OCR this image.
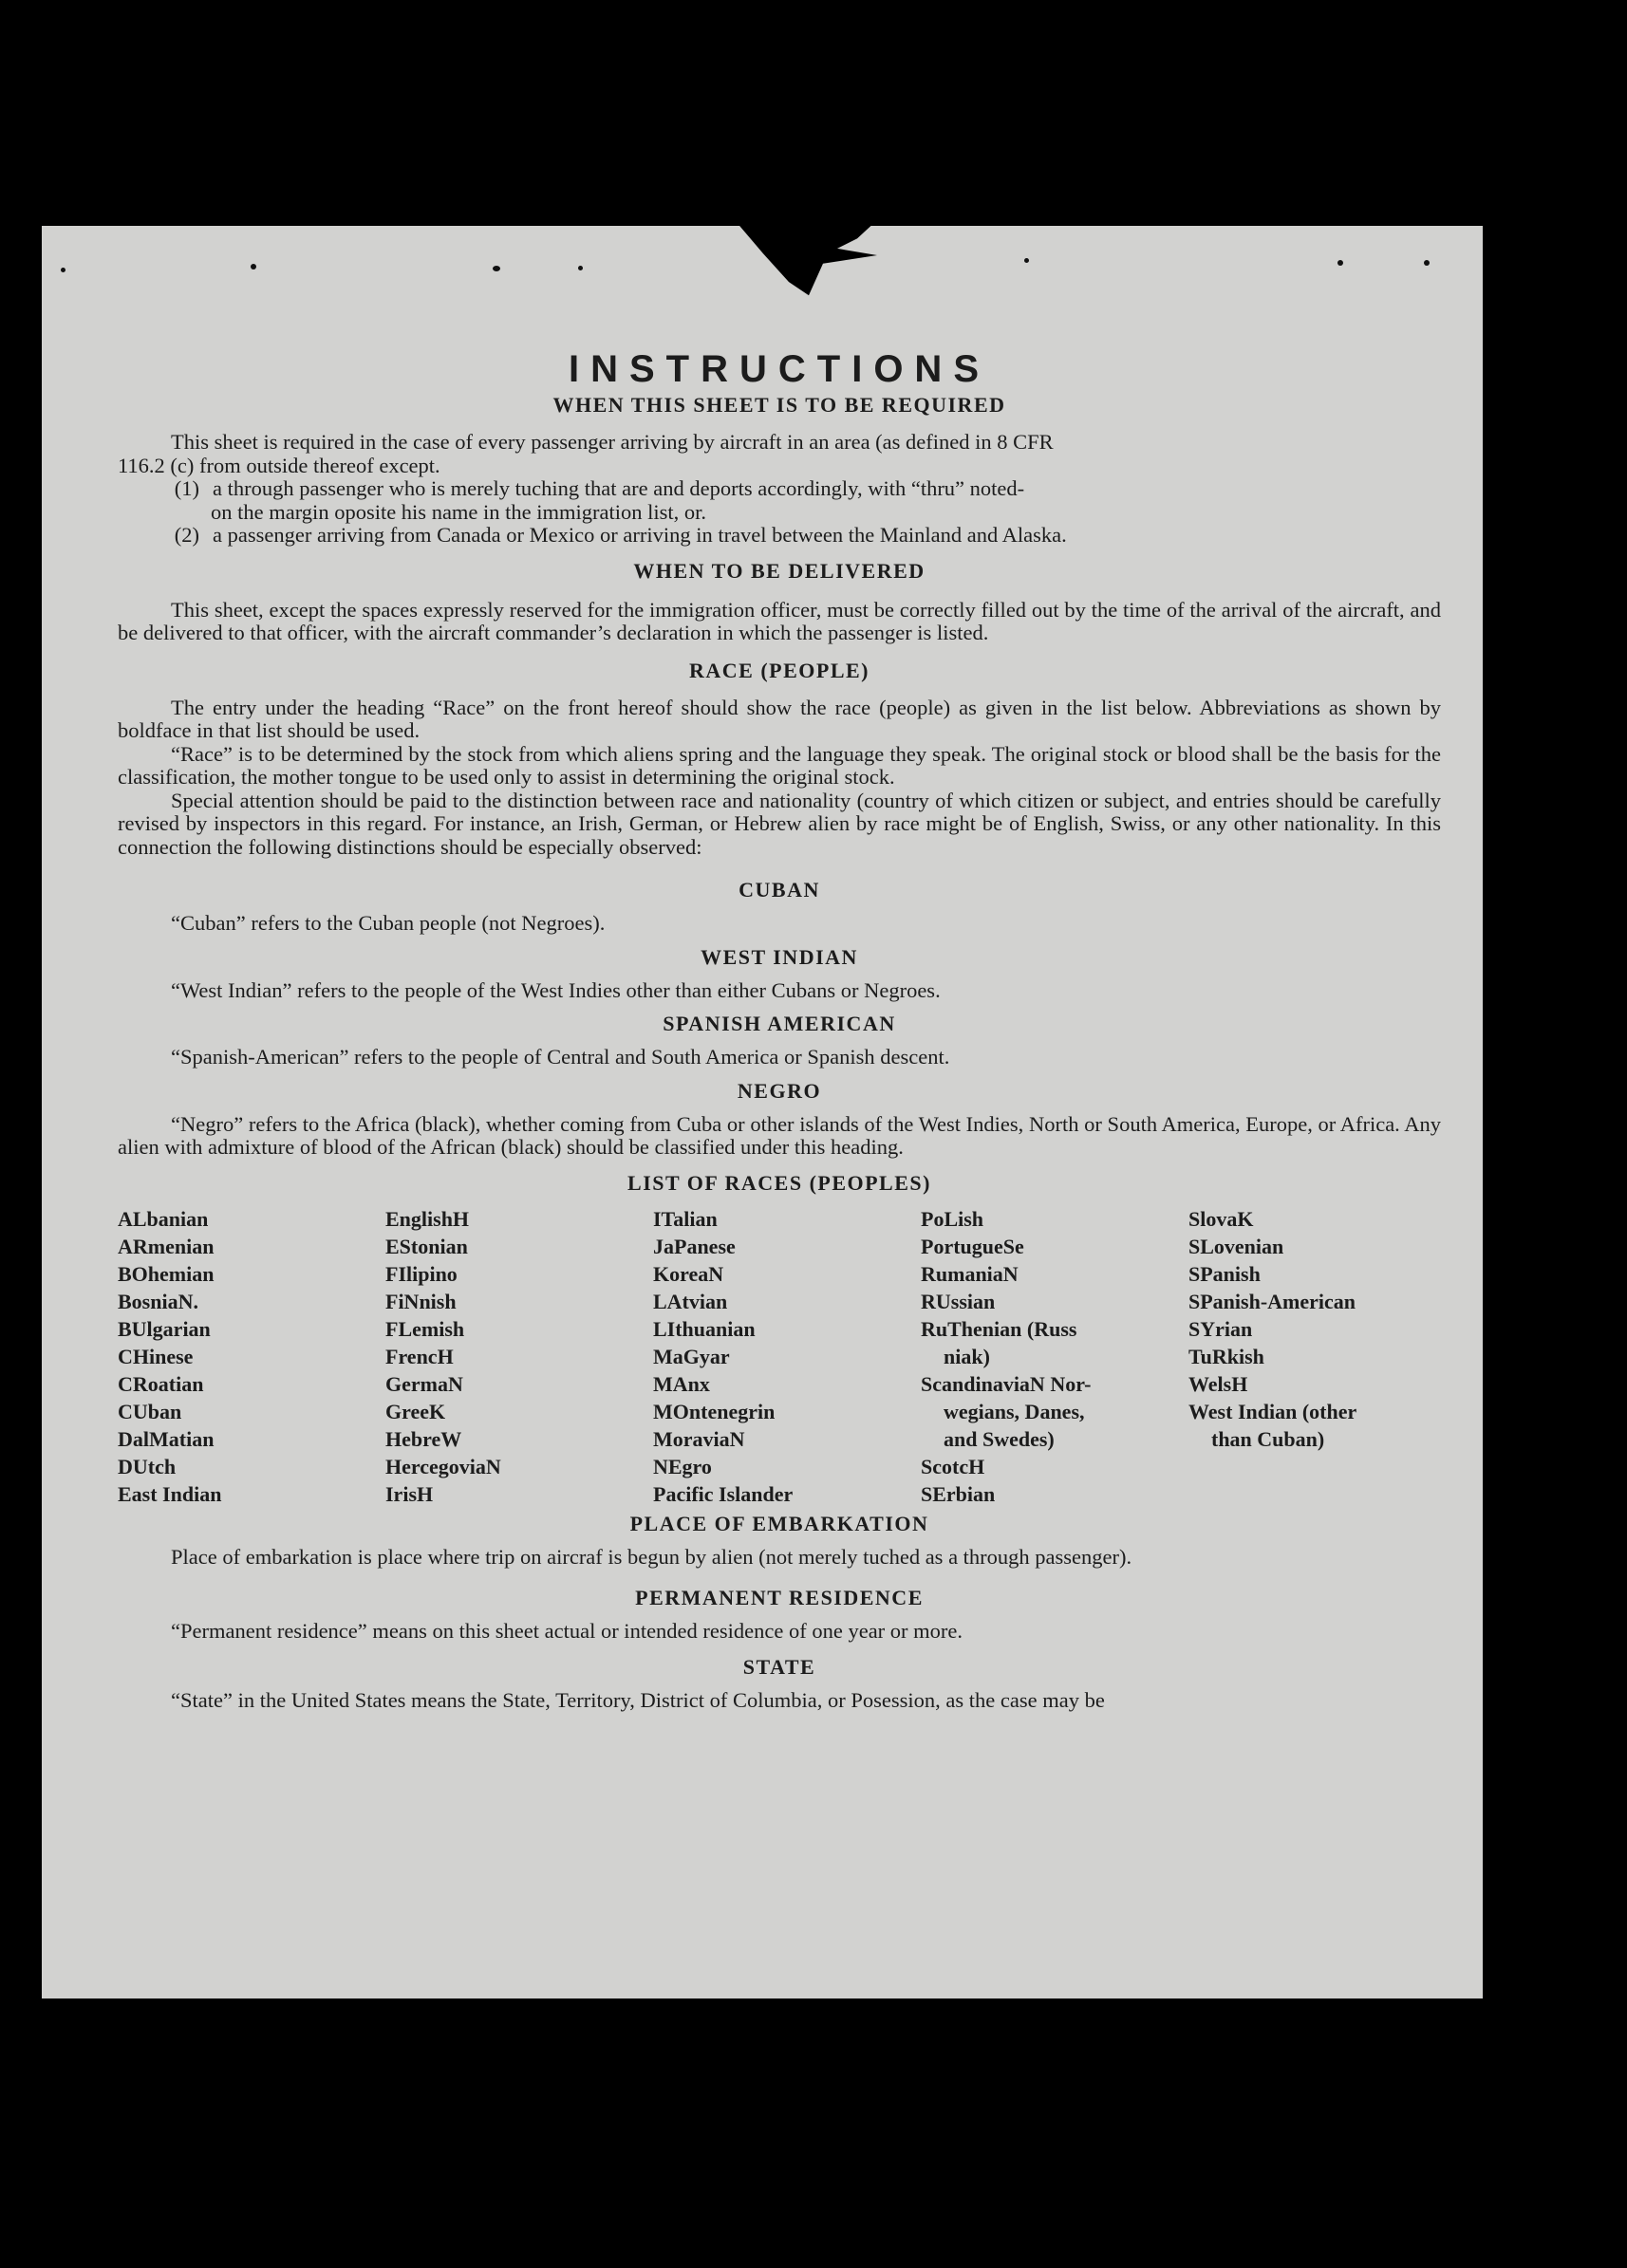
INSTRUCTIONS
WHEN THIS SHEET IS TO BE REQUIRED

This sheet is required in the case of every passenger arriving by aircraft in an area (as defined in 8 CFR

116.2 (c) from outside thereof except.

(1) a through passenger who is merely tuching that are and deports accordingly, with “thru” noted-

on the margin oposite his name in the immigration list, or.

(2) a passenger arriving from Canada or Mexico or arriving in travel between the Mainland and Alaska.

WHEN TO BE DELIVERED

This sheet, except the spaces expressly reserved for the immigration officer, must be correctly filled out by the time of the arrival of the aircraft, and be delivered to that officer, with the aircraft commander’s declaration in which the passenger is listed.

RACE (PEOPLE)

The entry under the heading “Race” on the front hereof should show the race (people) as given in the list below. Abbreviations as shown by boldface in that list should be used.

“Race” is to be determined by the stock from which aliens spring and the language they speak. The original stock or blood shall be the basis for the classification, the mother tongue to be used only to assist in determining the original stock.

Special attention should be paid to the distinction between race and nationality (country of which citizen or subject, and entries should be carefully revised by inspectors in this regard. For instance, an Irish, German, or Hebrew alien by race might be of English, Swiss, or any other nationality. In this connection the following distinctions should be especially observed:

CUBAN

“Cuban” refers to the Cuban people (not Negroes).

WEST INDIAN

“West Indian” refers to the people of the West Indies other than either Cubans or Negroes.

SPANISH AMERICAN

“Spanish-American” refers to the people of Central and South America or Spanish descent.

NEGRO

“Negro” refers to the Africa (black), whether coming from Cuba or other islands of the West Indies, North or South America, Europe, or Africa. Any alien with admixture of blood of the African (black) should be classified under this heading.

LIST OF RACES (PEOPLES)
ALbanian
ARmenian
BOhemian
BosniaN.
BUlgarian
CHinese
CRoatian
CUban
DalMatian
DUtch
East Indian
EnglishH
EStonian
FIlipino
FiNnish
FLemish
FrencH
GermaN
GreeK
HebreW
HercegoviaN
IrisH
ITalian
JaPanese
KoreaN
LAtvian
LIthuanian
MaGyar
MAnx
MOntenegrin
MoraviaN
NEgro
Pacific Islander
PoLish
PortugueSe
RumaniaN
RUssian
RuThenian (Russ
niak)
ScandinaviaN Nor-
wegians, Danes,
and Swedes)
ScotcH
SErbian
SlovaK
SLovenian
SPanish
SPanish-American
SYrian
TuRkish
WelsH
West Indian (other
than Cuban)
PLACE OF EMBARKATION

Place of embarkation is place where trip on aircraf is begun by alien (not merely tuched as a through passenger).

PERMANENT RESIDENCE

“Permanent residence” means on this sheet actual or intended residence of one year or more.

STATE

“State” in the United States means the State, Territory, District of Columbia, or Posession, as the case may be
